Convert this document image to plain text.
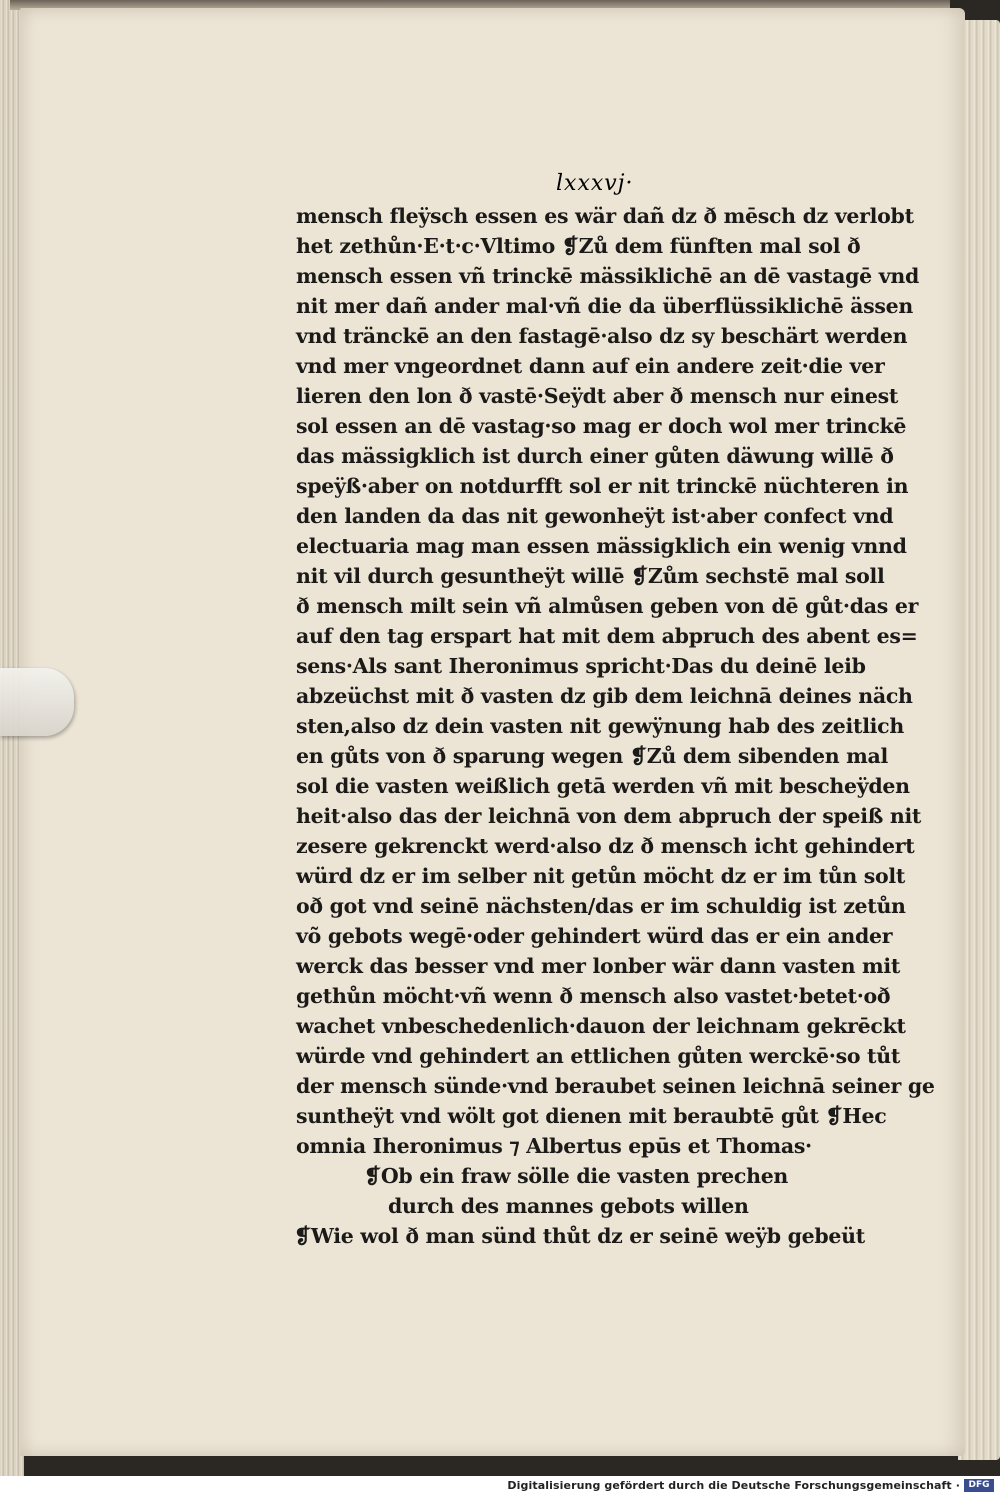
mensch fleÿsch essen es wär dañ dz ð mēsch dz verlobt
het zethůn·E·t·c·Vltimo ❡Zů dem fünften mal sol ð
mensch essen vñ trinckē mässiklichē an dē vastagē vnd
nit mer dañ ander mal·vñ die da überflüssiklichē ässen
vnd tränckē an den fastagē·also dz sy beschärt werden
vnd mer vngeordnet dann auf ein andere zeit·die ver
lieren den lon ð vastē·Seÿdt aber ð mensch nur einest
sol essen an dē vastag·so mag er doch wol mer trinckē
das mässigklich ist durch einer gůten däwung willē ð
speÿß·aber on notdurfft sol er nit trinckē nüchteren in
den landen da das nit gewonheÿt ist·aber confect vnd
electuaria mag man essen mässigklich ein wenig vnnd
nit vil durch gesuntheÿt willē ❡Zům sechstē mal soll
ð mensch milt sein vñ almůsen geben von dē gůt·das er
auf den tag erspart hat mit dem abpruch des abent es=
sens·Als sant Iheronimus spricht·Das du deinē leib
abzeüchst mit ð vasten dz gib dem leichnā deines näch
sten,also dz dein vasten nit gewÿnung hab des zeitlich
en gůts von ð sparung wegen ❡Zů dem sibenden mal
sol die vasten weißlich getā werden vñ mit bescheÿden
heit·also das der leichnā von dem abpruch der speiß nit
zesere gekrenckt werd·also dz ð mensch icht gehindert
würd dz er im selber nit getůn möcht dz er im tůn solt
oð got vnd seinē nächsten/das er im schuldig ist zetůn
võ gebots wegē·oder gehindert würd das er ein ander
werck das besser vnd mer lonber wär dann vasten mit
gethůn möcht·vñ wenn ð mensch also vastet·betet·oð
wachet vnbeschedenlich·dauon der leichnam gekrēckt
würde vnd gehindert an ettlichen gůten werckē·so tůt
der mensch sünde·vnd beraubet seinen leichnā seiner ge
suntheÿt vnd wölt got dienen mit beraubtē gůt ❡Hec
omnia Iheronimus ⁊ Albertus epūs et Thomas·
❡Ob ein fraw sölle die vasten prechen
durch des mannes gebots willen
❡Wie wol ð man sünd thůt dz er seinē weÿb gebeüt
lxxxvj·
Digitalisierung gefördert durch die Deutsche Forschungsgemeinschaft · DFG
